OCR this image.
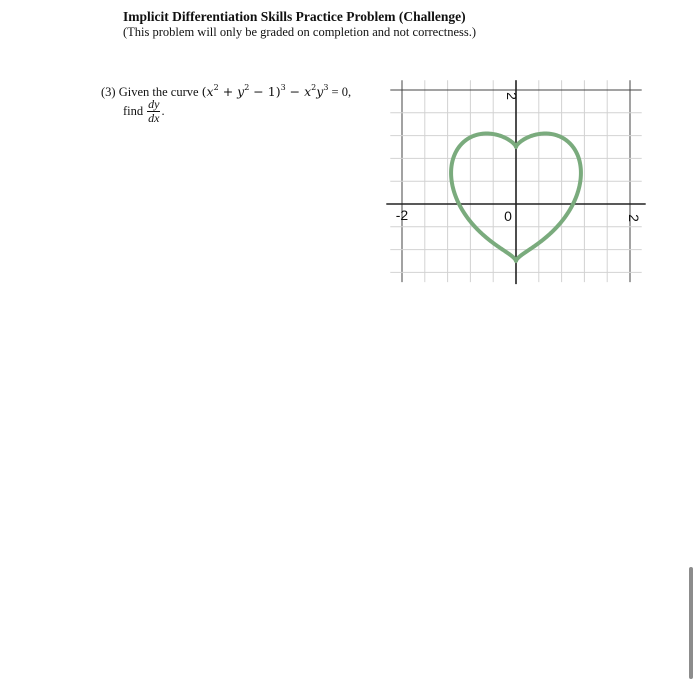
Implicit Differentiation Skills Practice Problem (Challenge)
(This problem will only be graded on completion and not correctness.)
(3) Given the curve $(x^2 + y^2 - 1)^3 - x^2y^3 = 0$,
find $\frac{dy}{dx}$ .
-2	0	2
2
